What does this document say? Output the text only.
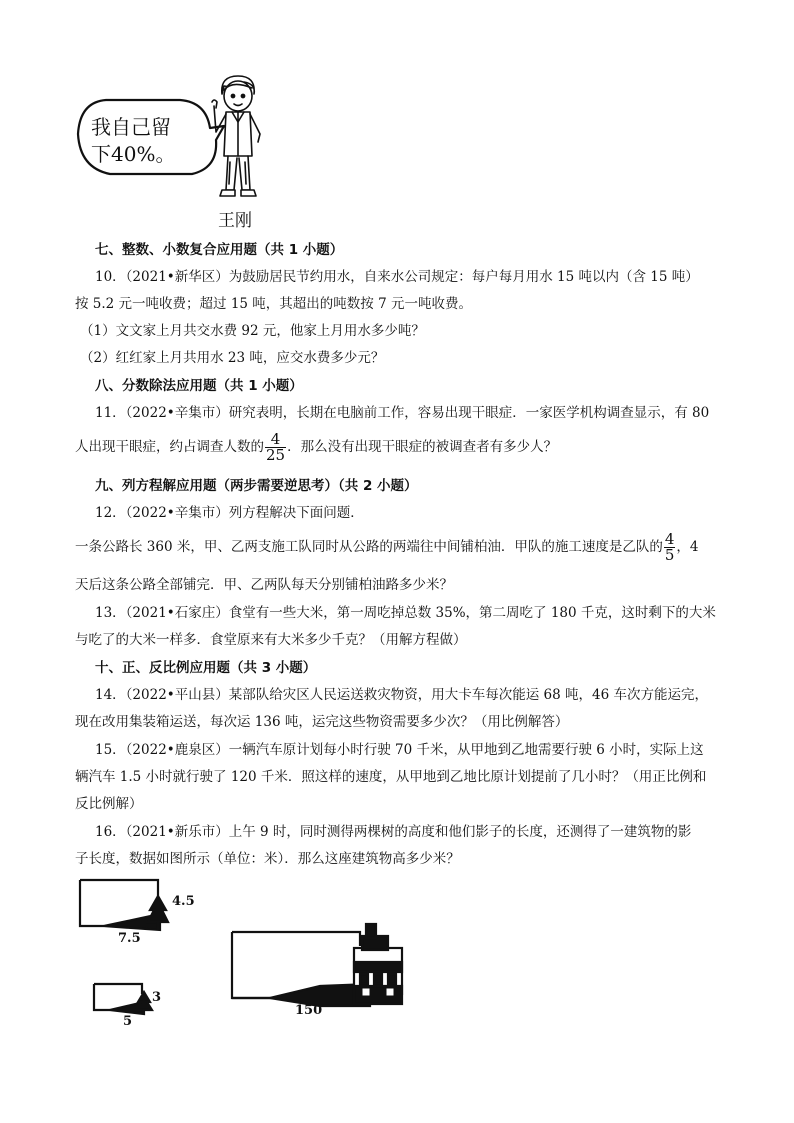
我自己留
下40%。
王刚
七、整数、小数复合应用题（共 1 小题）
10．（2021•新华区）为鼓励居民节约用水，自来水公司规定：每户每月用水 15 吨以内（含 15 吨）
按 5.2 元一吨收费；超过 15 吨，其超出的吨数按 7 元一吨收费。
（1）文文家上月共交水费 92 元，他家上月用水多少吨？
（2）红红家上月共用水 23 吨，应交水费多少元？
八、分数除法应用题（共 1 小题）
11．（2022•辛集市）研究表明，长期在电脑前工作，容易出现干眼症．一家医学机构调查显示，有 80
人出现干眼症，约占调查人数的 $\frac{4}{25}$ ．那么没有出现干眼症的被调查者有多少人？
九、列方程解应用题（两步需要逆思考）（共 2 小题）
12．（2022•辛集市）列方程解决下面问题．
一条公路长 360 米，甲、乙两支施工队同时从公路的两端往中间铺柏油．甲队的施工速度是乙队的 $\frac{4}{5}$ ，4
天后这条公路全部铺完．甲、乙两队每天分别铺柏油路多少米？
13．（2021•石家庄）食堂有一些大米，第一周吃掉总数 35%，第二周吃了 180 千克，这时剩下的大米
与吃了的大米一样多．食堂原来有大米多少千克？（用解方程做）
十、正、反比例应用题（共 3 小题）
14．（2022•平山县）某部队给灾区人民运送救灾物资，用大卡车每次能运 68 吨，46 车次方能运完，
现在改用集装箱运送，每次运 136 吨，运完这些物资需要多少次？（用比例解答）
15．（2022•鹿泉区）一辆汽车原计划每小时行驶 70 千米，从甲地到乙地需要行驶 6 小时，实际上这
辆汽车 1.5 小时就行驶了 120 千米．照这样的速度，从甲地到乙地比原计划提前了几小时？（用正比例和
反比例解）
16．（2021•新乐市）上午 9 时，同时测得两棵树的高度和他们影子的长度，还测得了一建筑物的影
子长度，数据如图所示（单位：米）．那么这座建筑物高多少米？
4.5
7.5
3
5
150
